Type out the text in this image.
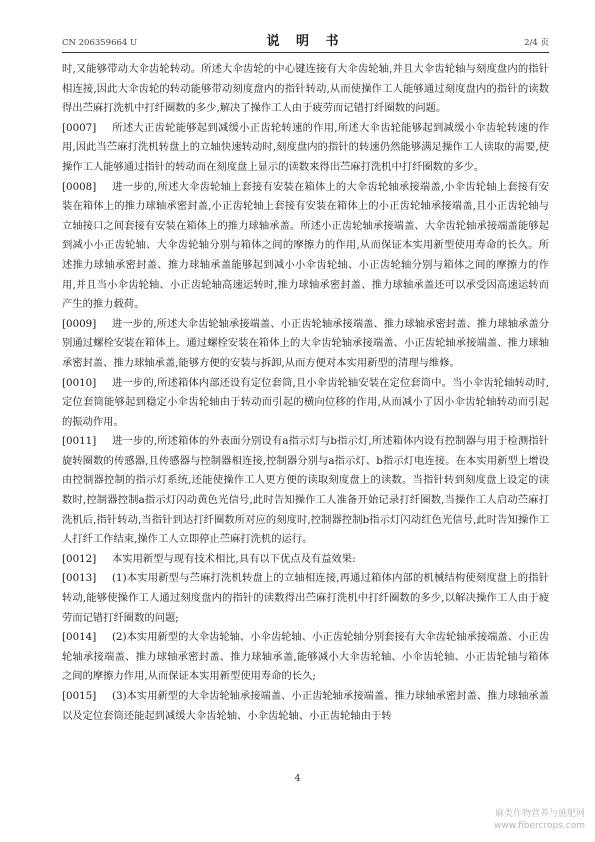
CN 206359664 U	说 明 书	2/4 页

时,又能够带动大伞齿轮转动。所述大伞齿轮的中心键连接有大伞齿轮轴,并且大伞齿轮轴与刻度盘内的指针相连接,因此大伞齿轮的转动能够带动刻度盘内的指针转动,从而使操作工人能够通过刻度盘内的指针的读数得出苎麻打洗机中打纤圈数的多少,解决了操作工人由于疲劳而记错打纤圈数的问题。

[0007] 所述大正齿轮能够起到减缓小正齿轮转速的作用,所述大伞齿轮能够起到减缓小伞齿轮转速的作用,因此当苎麻打洗机转盘上的立轴快速转动时,刻度盘内的指针的转速仍然能够满足操作工人读取的需要,使操作工人能够通过指针的转动而在刻度盘上显示的读数来得出苎麻打洗机中打纤圈数的多少。

[0008] 进一步的,所述大伞齿轮轴上套接有安装在箱体上的大伞齿轮轴承接端盖,小伞齿轮轴上套接有安装在箱体上的推力球轴承密封盖,小正齿轮轴上套接有安装在箱体上的小正齿轮轴承接端盖,且小正齿轮轴与立轴接口之间套接有安装在箱体上的推力球轴承盖。所述小正齿轮轴承接端盖、大伞齿轮轴承接端盖能够起到减小小正齿轮轴、大伞齿轮轴分别与箱体之间的摩擦力的作用,从而保证本实用新型使用寿命的长久。所述推力球轴承密封盖、推力球轴承盖能够起到减小小伞齿轮轴、小正齿轮轴分别与箱体之间的摩擦力的作用,并且当小伞齿轮轴、小正齿轮轴高速运转时,推力球轴承密封盖、推力球轴承盖还可以承受因高速运转而产生的推力载荷。

[0009] 进一步的,所述大伞齿轮轴承接端盖、小正齿轮轴承接端盖、推力球轴承密封盖、推力球轴承盖分别通过螺栓安装在箱体上。通过螺栓安装在箱体上的大伞齿轮轴承接端盖、小正齿轮轴承接端盖、推力球轴承密封盖、推力球轴承盖,能够方便的安装与拆卸,从而方便对本实用新型的清理与维修。

[0010] 进一步的,所述箱体内部还设有定位套筒,且小伞齿轮轴安装在定位套筒中。当小伞齿轮轴转动时,定位套筒能够起到稳定小伞齿轮轴由于转动而引起的横向位移的作用,从而减小了因小伞齿轮轴转动而引起的振动作用。

[0011] 进一步的,所述箱体的外表面分别设有a指示灯与b指示灯,所述箱体内设有控制器与用于检测指针旋转圈数的传感器,且传感器与控制器相连接,控制器分别与a指示灯、b指示灯电连接。在本实用新型上增设由控制器控制的指示灯系统,还能使操作工人更方便的读取刻度盘上的读数。当指针转到刻度盘上设定的读数时,控制器控制a指示灯闪动黄色光信号,此时告知操作工人准备开始记录打纤圈数,当操作工人启动苎麻打洗机后,指针转动,当指针到达打纤圈数所对应的刻度时,控制器控制b指示灯闪动红色光信号,此时告知操作工人打纤工作结束,操作工人立即停止苎麻打洗机的运行。

[0012] 本实用新型与现有技术相比,具有以下优点及有益效果:

[0013] (1)本实用新型与苎麻打洗机转盘上的立轴相连接,再通过箱体内部的机械结构使刻度盘上的指针转动,能够使操作工人通过刻度盘内的指针的读数得出苎麻打洗机中打纤圈数的多少,以解决操作工人由于疲劳而记错打纤圈数的问题;

[0014] (2)本实用新型的大伞齿轮轴、小伞齿轮轴、小正齿轮轴分别套接有大伞齿轮轴承接端盖、小正齿轮轴承接端盖、推力球轴承密封盖、推力球轴承盖,能够减小大伞齿轮轴、小伞齿轮轴、小正齿轮轴与箱体之间的摩擦力作用,从而保证本实用新型使用寿命的长久;

[0015] (3)本实用新型的大伞齿轮轴承接端盖、小正齿轮轴承接端盖、推力球轴承密封盖、推力球轴承盖以及定位套筒还能起到减缓大伞齿轮轴、小伞齿轮轴、小正齿轮轴由于转

4
麻类作物营养与施肥网
www.fibercrops.com
